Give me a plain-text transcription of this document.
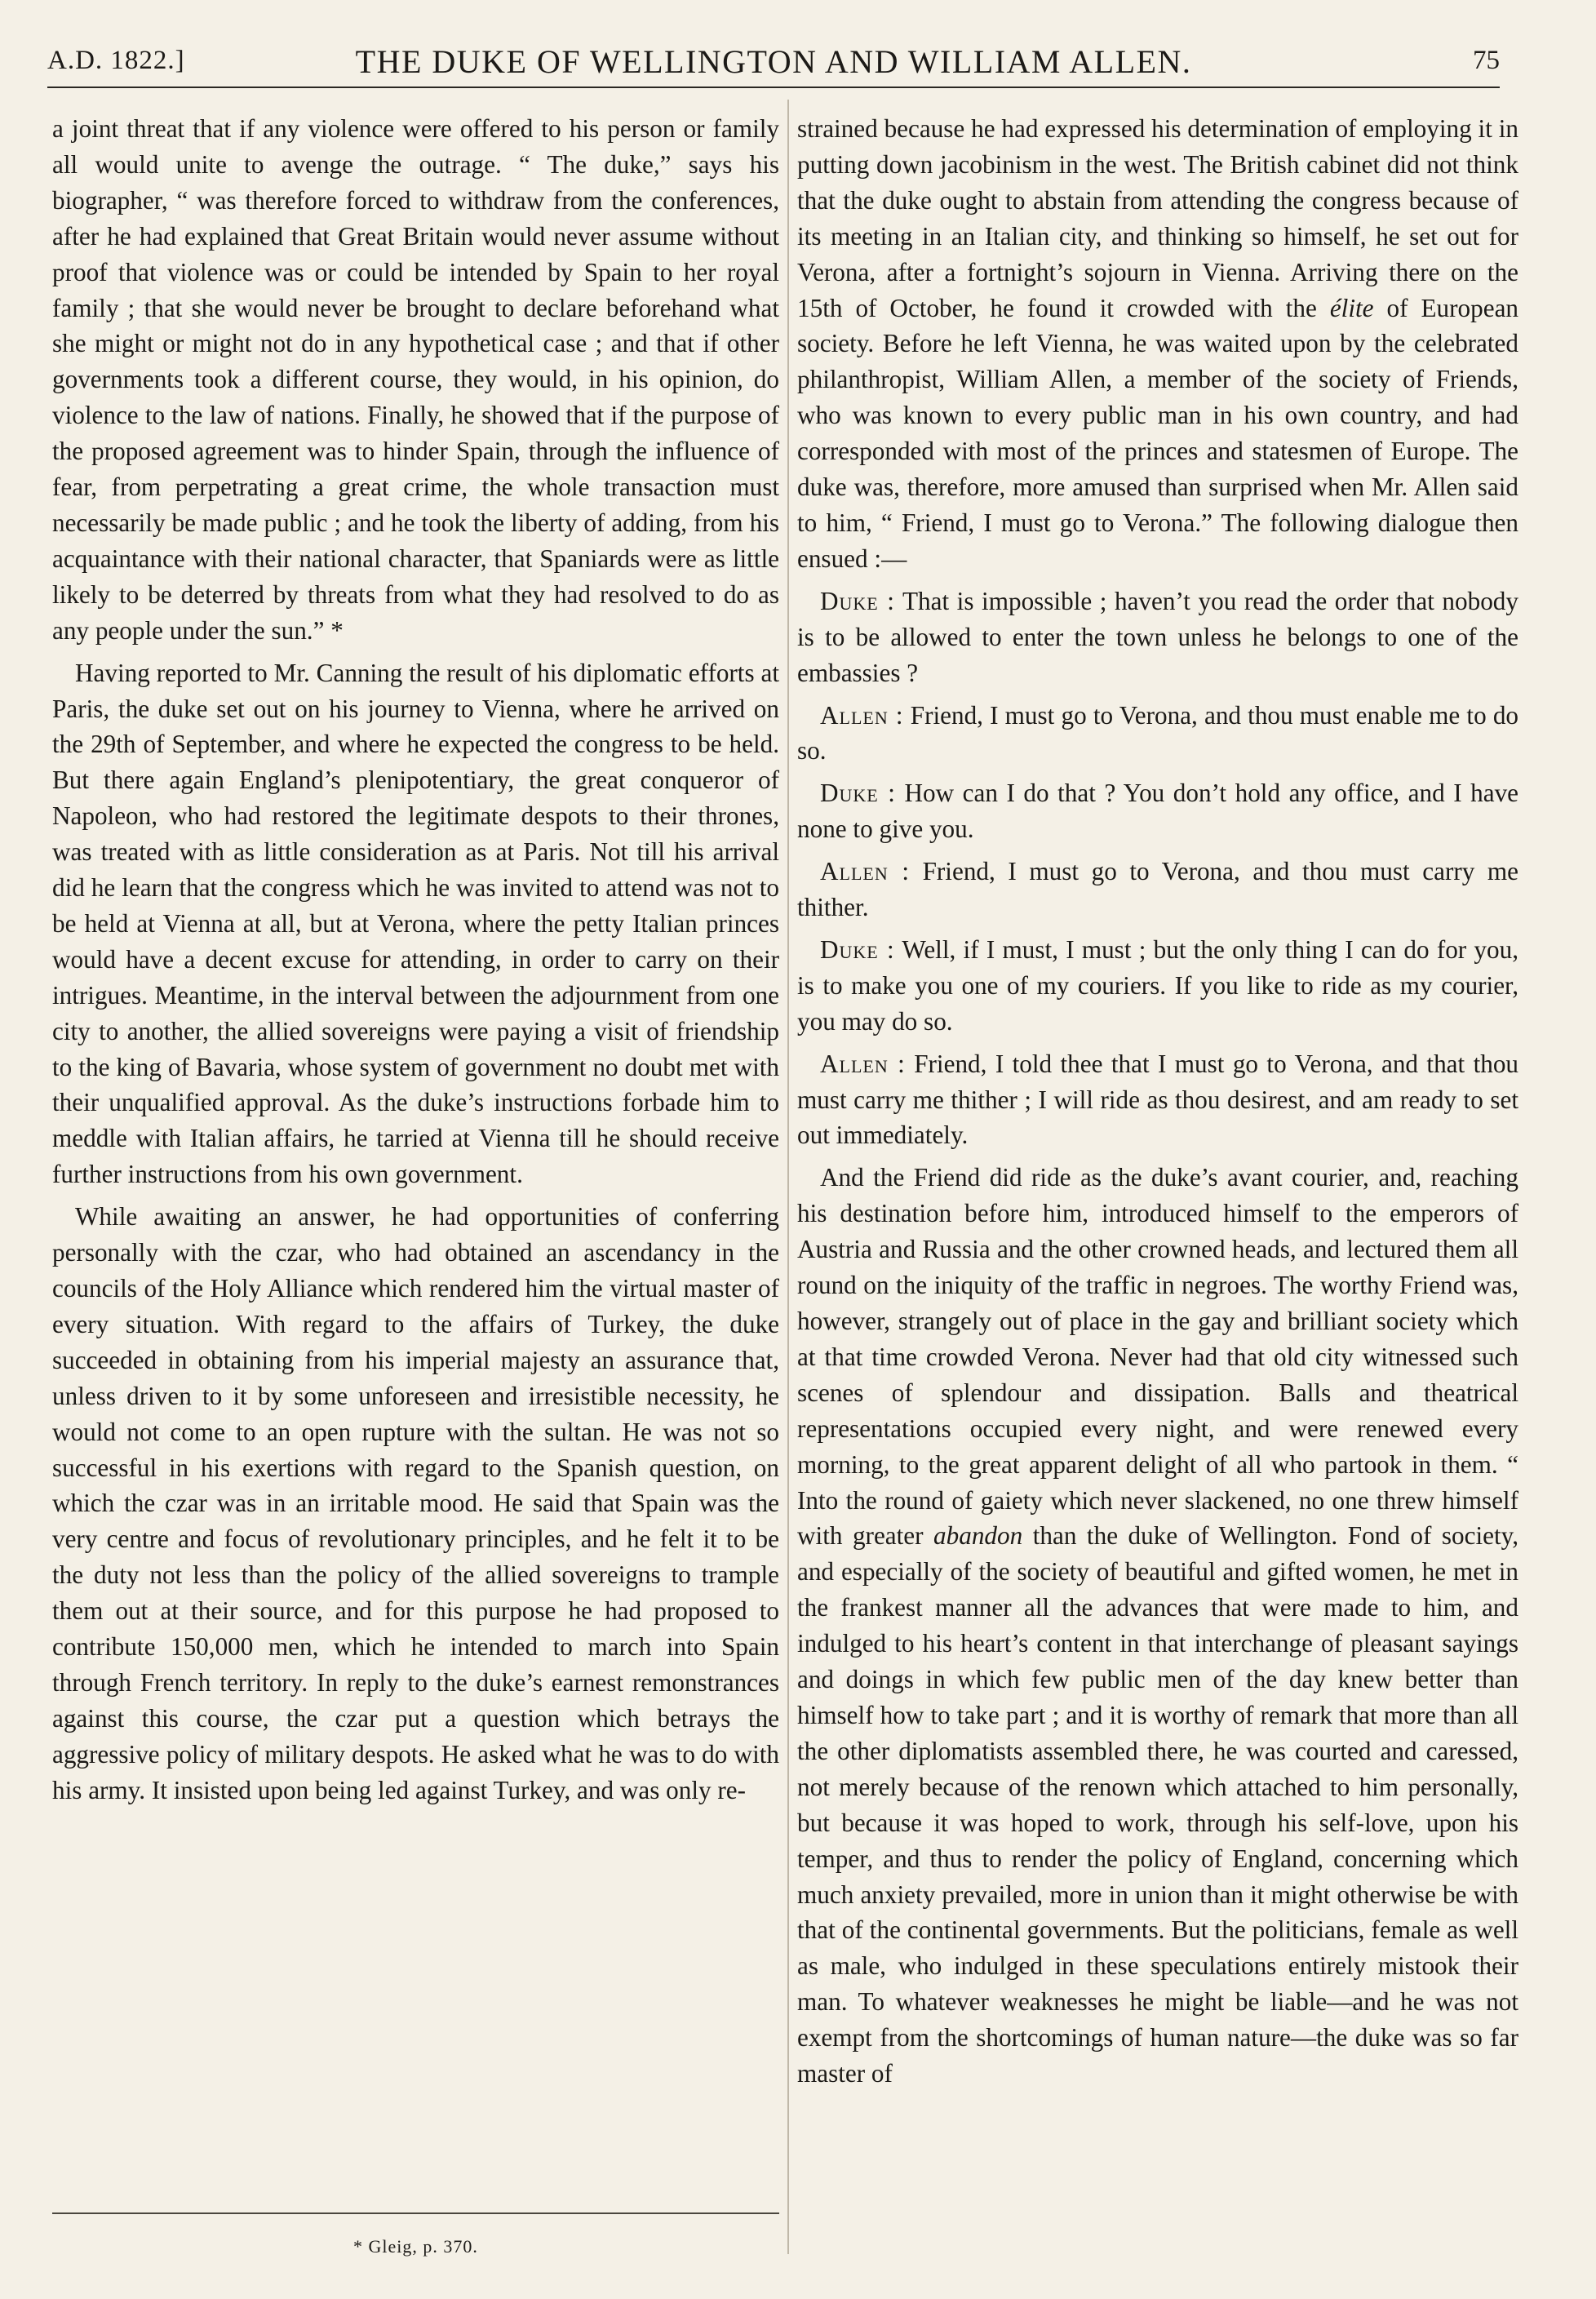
A.D. 1822.]	THE DUKE OF WELLINGTON AND WILLIAM ALLEN.	75

a joint threat that if any violence were offered to his person or family all would unite to avenge the outrage. “ The duke,” says his biographer, “ was therefore forced to withdraw from the conferences, after he had explained that Great Britain would never assume without proof that violence was or could be intended by Spain to her royal family ; that she would never be brought to declare beforehand what she might or might not do in any hypothetical case ; and that if other governments took a different course, they would, in his opinion, do violence to the law of nations. Finally, he showed that if the purpose of the proposed agreement was to hinder Spain, through the influence of fear, from perpetrating a great crime, the whole transaction must necessarily be made public ; and he took the liberty of adding, from his acquaintance with their national character, that Spaniards were as little likely to be deterred by threats from what they had resolved to do as any people under the sun.” *

Having reported to Mr. Canning the result of his diplomatic efforts at Paris, the duke set out on his journey to Vienna, where he arrived on the 29th of September, and where he expected the congress to be held. But there again England’s plenipotentiary, the great conqueror of Napoleon, who had restored the legitimate despots to their thrones, was treated with as little consideration as at Paris. Not till his arrival did he learn that the congress which he was invited to attend was not to be held at Vienna at all, but at Verona, where the petty Italian princes would have a decent excuse for attending, in order to carry on their intrigues. Meantime, in the interval between the adjournment from one city to another, the allied sovereigns were paying a visit of friendship to the king of Bavaria, whose system of government no doubt met with their unqualified approval. As the duke’s instructions forbade him to meddle with Italian affairs, he tarried at Vienna till he should receive further instructions from his own government.

While awaiting an answer, he had opportunities of conferring personally with the czar, who had obtained an ascendancy in the councils of the Holy Alliance which rendered him the virtual master of every situation. With regard to the affairs of Turkey, the duke succeeded in obtaining from his imperial majesty an assurance that, unless driven to it by some unforeseen and irresistible necessity, he would not come to an open rupture with the sultan. He was not so successful in his exertions with regard to the Spanish question, on which the czar was in an irritable mood. He said that Spain was the very centre and focus of revolutionary principles, and he felt it to be the duty not less than the policy of the allied sovereigns to trample them out at their source, and for this purpose he had proposed to contribute 150,000 men, which he intended to march into Spain through French territory. In reply to the duke’s earnest remonstrances against this course, the czar put a question which betrays the aggressive policy of military despots. He asked what he was to do with his army. It insisted upon being led against Turkey, and was only re-

strained because he had expressed his determination of employing it in putting down jacobinism in the west. The British cabinet did not think that the duke ought to abstain from attending the congress because of its meeting in an Italian city, and thinking so himself, he set out for Verona, after a fortnight’s sojourn in Vienna. Arriving there on the 15th of October, he found it crowded with the élite of European society. Before he left Vienna, he was waited upon by the celebrated philanthropist, William Allen, a member of the society of Friends, who was known to every public man in his own country, and had corresponded with most of the princes and statesmen of Europe. The duke was, therefore, more amused than surprised when Mr. Allen said to him, “ Friend, I must go to Verona.” The following dialogue then ensued :—

Duke : That is impossible ; haven’t you read the order that nobody is to be allowed to enter the town unless he belongs to one of the embassies ?

Allen : Friend, I must go to Verona, and thou must enable me to do so.

Duke : How can I do that ? You don’t hold any office, and I have none to give you.

Allen : Friend, I must go to Verona, and thou must carry me thither.

Duke : Well, if I must, I must ; but the only thing I can do for you, is to make you one of my couriers. If you like to ride as my courier, you may do so.

Allen : Friend, I told thee that I must go to Verona, and that thou must carry me thither ; I will ride as thou desirest, and am ready to set out immediately.

And the Friend did ride as the duke’s avant courier, and, reaching his destination before him, introduced himself to the emperors of Austria and Russia and the other crowned heads, and lectured them all round on the iniquity of the traffic in negroes. The worthy Friend was, however, strangely out of place in the gay and brilliant society which at that time crowded Verona. Never had that old city witnessed such scenes of splendour and dissipation. Balls and theatrical representations occupied every night, and were renewed every morning, to the great apparent delight of all who partook in them. “ Into the round of gaiety which never slackened, no one threw himself with greater abandon than the duke of Wellington. Fond of society, and especially of the society of beautiful and gifted women, he met in the frankest manner all the advances that were made to him, and indulged to his heart’s content in that interchange of pleasant sayings and doings in which few public men of the day knew better than himself how to take part ; and it is worthy of remark that more than all the other diplomatists assembled there, he was courted and caressed, not merely because of the renown which attached to him personally, but because it was hoped to work, through his self-love, upon his temper, and thus to render the policy of England, concerning which much anxiety prevailed, more in union than it might otherwise be with that of the continental governments. But the politicians, female as well as male, who indulged in these speculations entirely mistook their man. To whatever weaknesses he might be liable—and he was not exempt from the shortcomings of human nature—the duke was so far master of

* Gleig, p. 370.
